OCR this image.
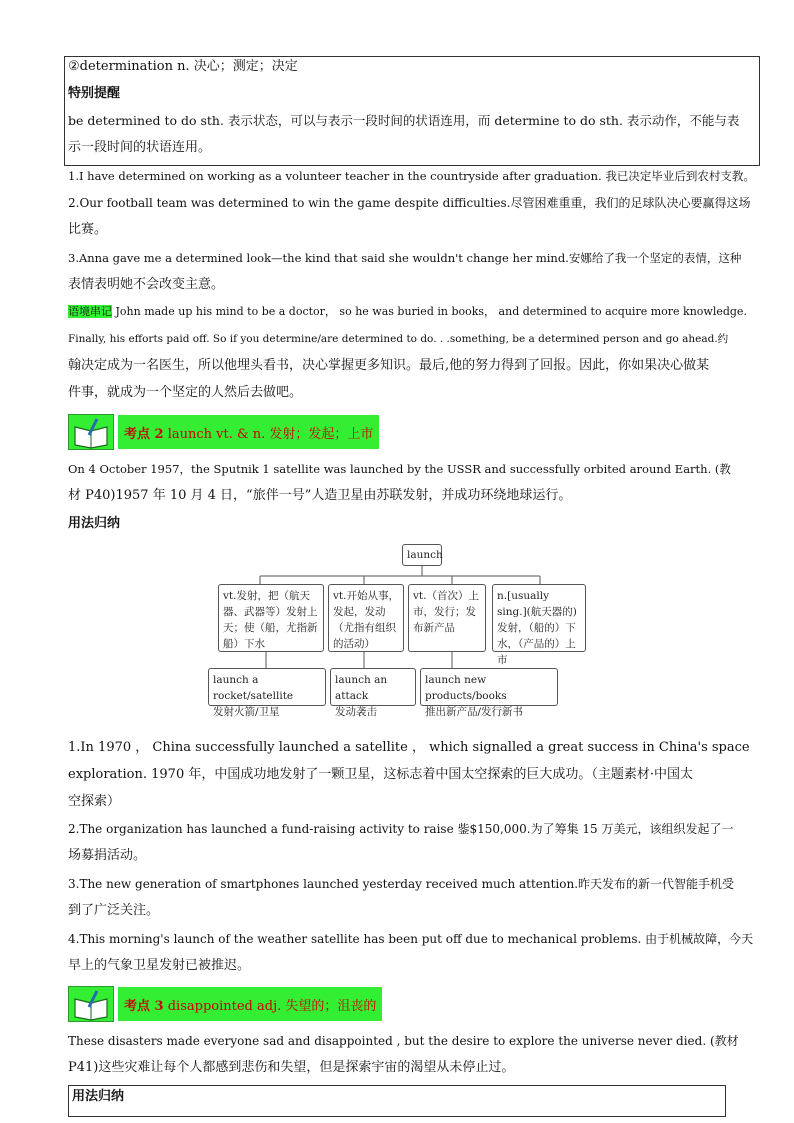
②determination n. 决心；测定；决定
特别提醒
be determined to do sth. 表示状态，可以与表示一段时间的状语连用，而 determine to do sth. 表示动作，不能与表
示一段时间的状语连用。
1.I have determined on working as a volunteer teacher in the countryside after graduation. 我已决定毕业后到农村支教。
2.Our football team was determined to win the game despite difficulties.尽管困难重重，我们的足球队决心要赢得这场
比赛。
3.Anna gave me a determined look—the kind that said she wouldn't change her mind.安娜给了我一个坚定的表情，这种
表情表明她不会改变主意。
语境串记 John made up his mind to be a doctor， so he was buried in books， and determined to acquire more knowledge.
Finally, his efforts paid off. So if you determine/are determined to do. . .something, be a determined person and go ahead.约
翰决定成为一名医生，所以他埋头看书，决心掌握更多知识。最后,他的努力得到了回报。因此，你如果决心做某
件事，就成为一个坚定的人然后去做吧。
考点 2
launch vt. & n. 发射；发起；上市
On 4 October 1957，the Sputnik 1 satellite was launched by the USSR and successfully orbited around Earth. (教
材 P40)1957 年 10 月 4 日，“旅伴一号”人造卫星由苏联发射，并成功环绕地球运行。
用法归纳
launch
vt.发射，把（航天器、武器等）发射上天；使（船，尤指新船）下水
vt.开始从事，发起，发动（尤指有组织的活动）
vt.（首次）上市，发行；发布新产品
n.[usually sing.](航天器的)发射，（船的）下水，（产品的）上市
launch a rocket/satellite
发射火箭/卫星
launch an attack
发动袭击
launch new products/books
推出新产品/发行新书
1.In 1970 ， China successfully launched a satellite ， which signalled a great success in China's space
exploration. 1970 年，中国成功地发射了一颗卫星，这标志着中国太空探索的巨大成功。（主题素材·中国太
空探索）
2.The organization has launched a fund-raising activity to raise 鈭$150,000.为了筹集 15 万美元，该组织发起了一
场募捐活动。
3.The new generation of smartphones launched yesterday received much attention.昨天发布的新一代智能手机受
到了广泛关注。
4.This morning's launch of the weather satellite has been put off due to mechanical problems. 由于机械故障，今天
早上的气象卫星发射已被推迟。
考点 3
disappointed adj. 失望的；沮丧的
These disasters made everyone sad and disappointed , but the desire to explore the universe never died. (教材
P41)这些灾难让每个人都感到悲伤和失望，但是探索宇宙的渴望从未停止过。
用法归纳
